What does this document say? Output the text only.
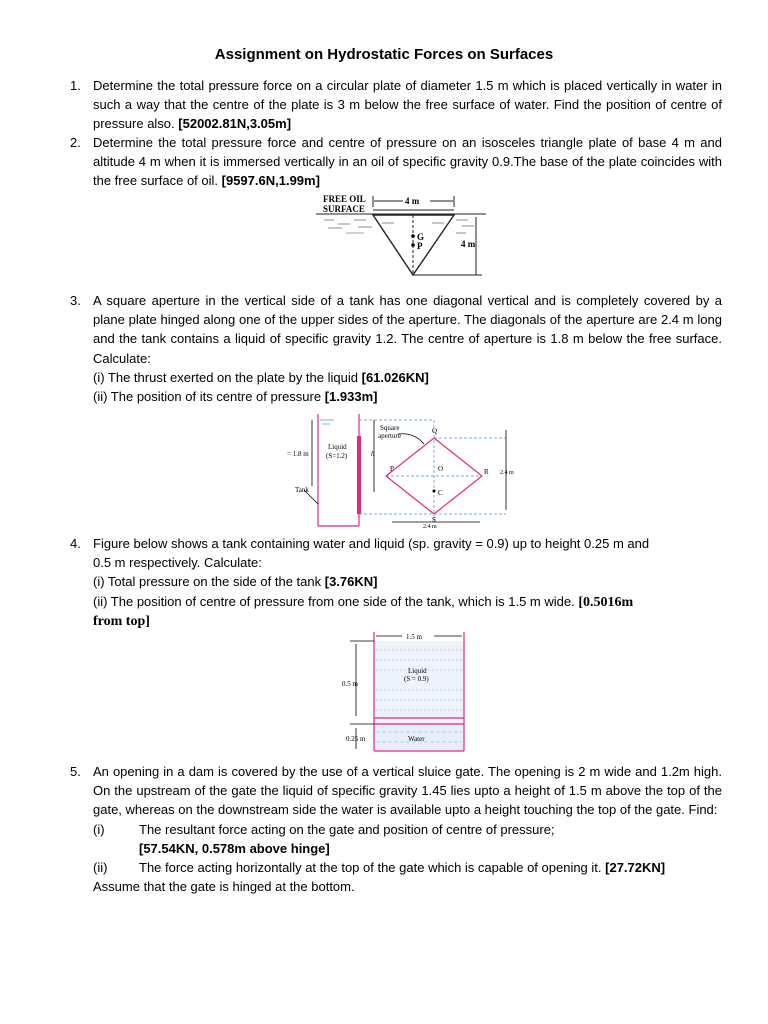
Assignment on Hydrostatic Forces on Surfaces
1. Determine the total pressure force on a circular plate of diameter 1.5 m which is placed vertically in water in such a way that the centre of the plate is 3 m below the free surface of water. Find the position of centre of pressure also. [52002.81N,3.05m]
2. Determine the total pressure force and centre of pressure on an isosceles triangle plate of base 4 m and altitude 4 m when it is immersed vertically in an oil of specific gravity 0.9.The base of the plate coincides with the free surface of oil. [9597.6N,1.99m]
FREE OIL
SURFACE
4 m
G
P	4 m
3. A square aperture in the vertical side of a tank has one diagonal vertical and is completely covered by a plane plate hinged along one of the upper sides of the aperture. The diagonals of the aperture are 2.4 m long and the tank contains a liquid of specific gravity 1.2. The centre of aperture is 1.8 m below the free surface. Calculate:
(i) The thrust exerted on the plate by the liquid [61.026KN]
(ii) The position of its centre of pressure [1.933m]
Liquid
(S=1.2)
= 1.8 m	h
Tank
Square
aperture
Q
O
P	R
C
S
2.4 m
2.4 m
4. Figure below shows a tank containing water and liquid (sp. gravity = 0.9) up to height 0.25 m and
0.5 m respectively. Calculate:
(i) Total pressure on the side of the tank [3.76KN]
(ii) The position of centre of pressure from one side of the tank, which is 1.5 m wide. [0.5016m
from top]
1.5 m
Liquid
(S = 0.9)
0.5 m
0.25 m	Water
5. An opening in a dam is covered by the use of a vertical sluice gate. The opening is 2 m wide and 1.2m high. On the upstream of the gate the liquid of specific gravity 1.45 lies upto a height of 1.5 m above the top of the gate, whereas on the downstream side the water is available upto a height touching the top of the gate. Find:
(i)	The resultant force acting on the gate and position of centre of pressure;
[57.54KN, 0.578m above hinge]
(ii) The force acting horizontally at the top of the gate which is capable of opening it. [27.72KN]
Assume that the gate is hinged at the bottom.
